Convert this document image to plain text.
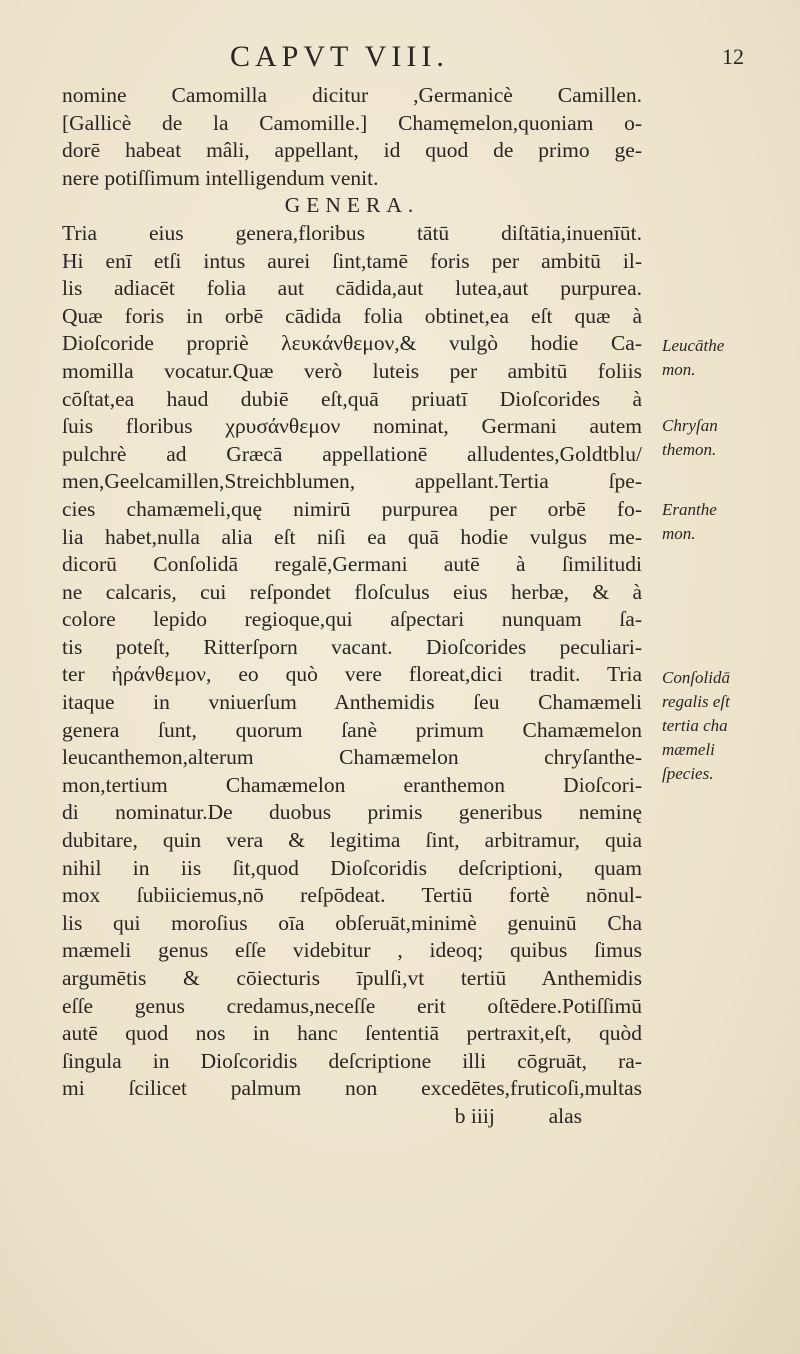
CAPVT VIII.	12
nomine Camomilla dicitur ,Germanicè Camillen.
[Gallicè de la Camomille.] Chamęmelon,quoniam o-
dorē habeat mâli, appellant, id quod de primo ge-
nere potiſſimum intelligendum venit.
GENERA.
Tria eius genera,floribus tātū diſtātia,inuenīūt.
Hi enī etſi intus aurei ſint,tamē foris per ambitū il-
lis adiacēt folia aut cādida,aut lutea,aut purpurea.
Quæ foris in orbē cādida folia obtinet,ea eſt quæ à
Dioſcoride propriè λευκάνθεμον,& vulgò hodie Ca-
momilla vocatur.Quæ verò luteis per ambitū foliis
cōſtat,ea haud dubiē eſt,quā priuatī Dioſcorides à
ſuis floribus χρυσάνθεμον nominat, Germani autem
pulchrè ad Græcā appellationē alludentes,Goldtblu/
men,Geelcamillen,Streichblumen, appellant.Tertia ſpe-
cies chamæmeli,quę nimirū purpurea per orbē fo-
lia habet,nulla alia eſt niſi ea quā hodie vulgus me-
dicorū Conſolidā regalē,Germani autē à ſimilitudi
ne calcaris, cui reſpondet floſculus eius herbæ, & à
colore lepido regioque,qui aſpectari nunquam ſa-
tis poteſt, Ritterſporn vacant. Dioſcorides peculiari-
ter ἠράνθεμον, eo quò vere floreat,dici tradit. Tria
itaque in vniuerſum Anthemidis ſeu Chamæmeli
genera ſunt, quorum ſanè primum Chamæmelon
leucanthemon,alterum Chamæmelon chryſanthe-
mon,tertium Chamæmelon eranthemon Dioſcori-
di nominatur.De duobus primis generibus neminę
dubitare, quin vera & legitima ſint, arbitramur, quia
nihil in iis ſit,quod Dioſcoridis deſcriptioni, quam
mox ſubiiciemus,nō reſpōdeat. Tertiū fortè nōnul-
lis qui moroſius oīa obſeruāt,minimè genuinū Cha
mæmeli genus eſſe videbitur , ideoq; quibus ſimus
argumētis & cōiecturis īpulſi,vt tertiū Anthemidis
eſſe genus credamus,neceſſe erit oſtēdere.Potiſſimū
autē quod nos in hanc ſententiā pertraxit,eſt, quòd
ſingula in Dioſcoridis deſcriptione illi cōgruāt, ra-
mi ſcilicet palmum non excedētes,fruticoſi,multas
b iiij          alas
Leucāthe
mon.
Chryſan
themon.
Eranthe
mon.
Conſolidā
regalis eſt
tertia cha
mæmeli
ſpecies.
